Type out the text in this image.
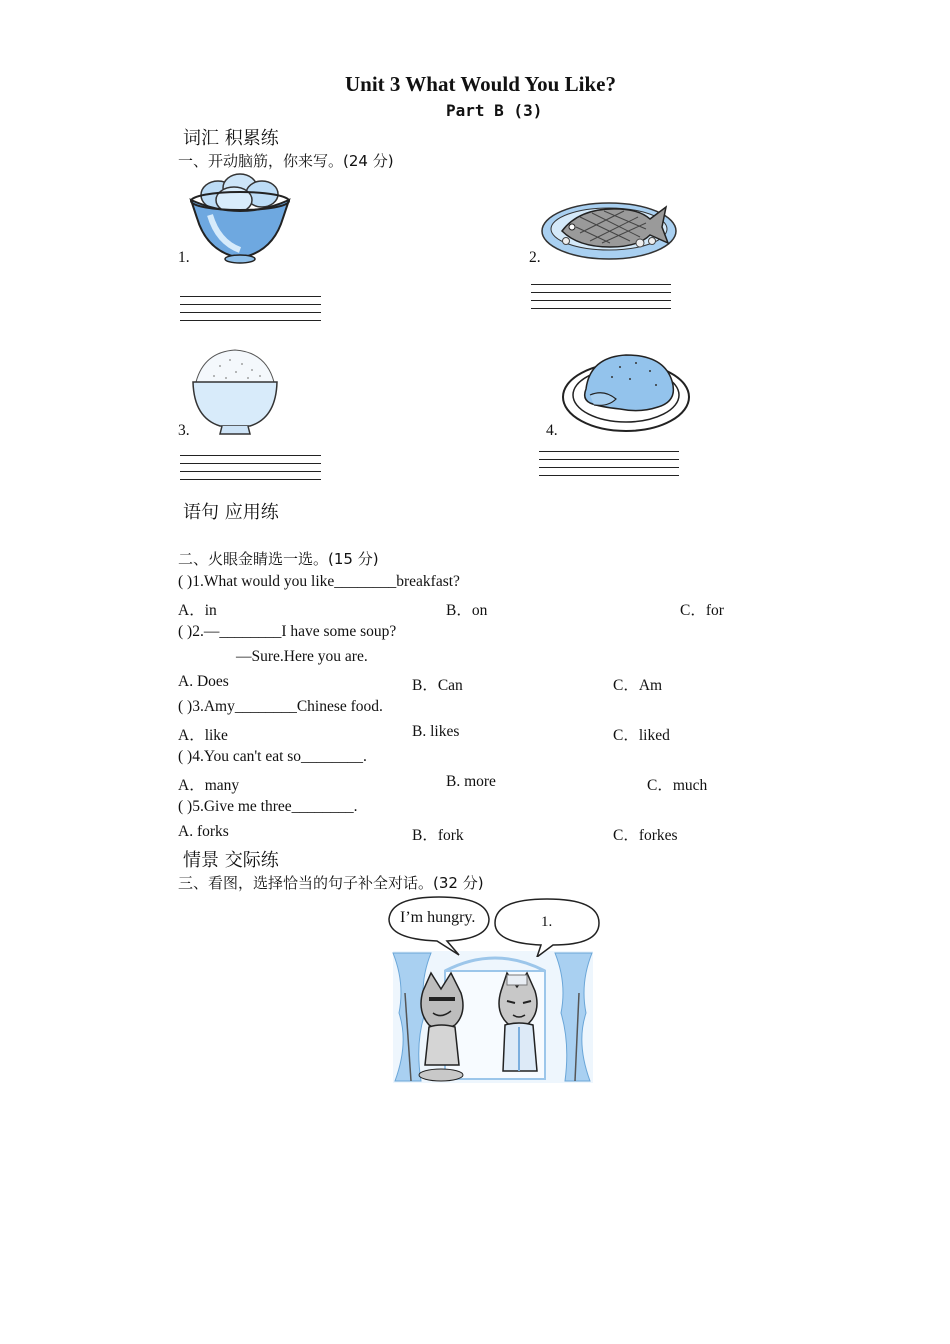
Unit 3 What Would You Like?
Part B (3)
词汇 积累练
一、开动脑筋，你来写。(24 分)
1.	2.
3.	4.
语句 应用练
二、火眼金睛选一选。(15 分)
( )1.What would you like________breakfast?
A．in	B．on	C．for
( )2.—________I have some soup?
—Sure.Here you are.
A. Does	B．Can	C．Am
( )3.Amy________Chinese food.
A．like	B. likes	C．liked
( )4.You can't eat so________.
A．many	B. more	C．much
( )5.Give me three________.
A. forks	B．fork	C．forkes
情景 交际练
三、看图，选择恰当的句子补全对话。(32 分)
I’m hungry.	1.
